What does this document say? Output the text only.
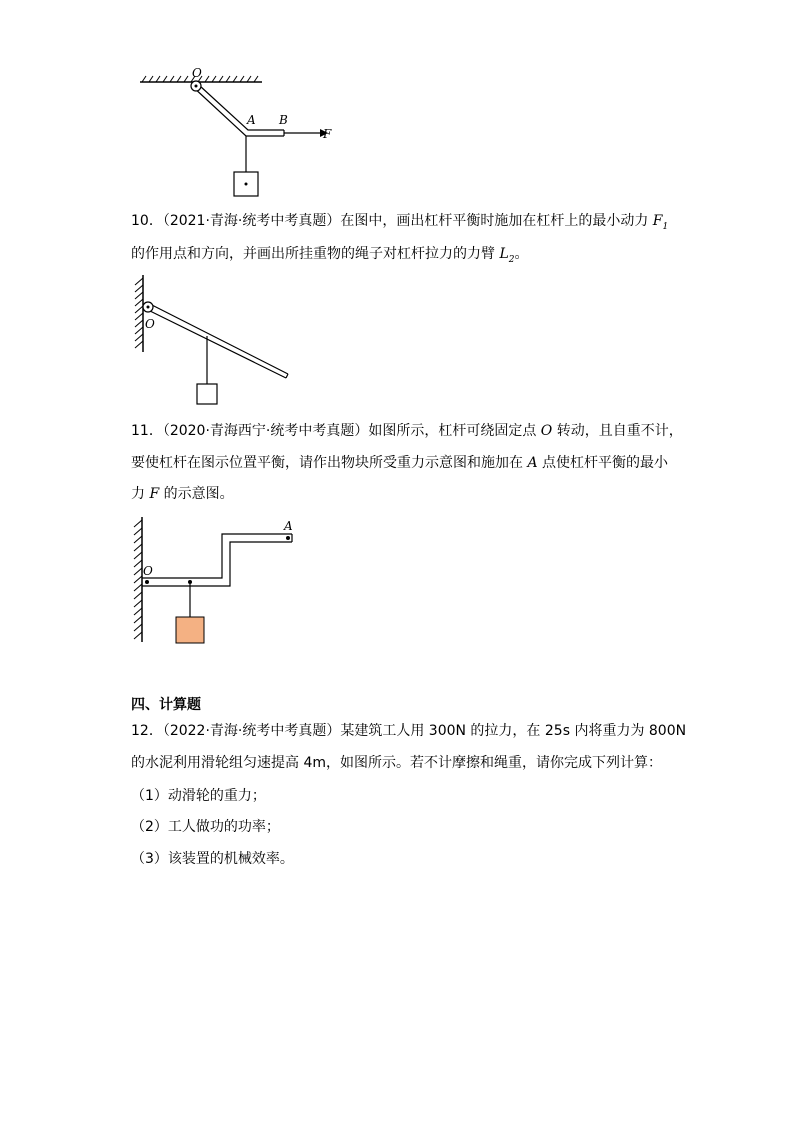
O
A B
F
10．（2021·青海·统考中考真题）在图中，画出杠杆平衡时施加在杠杆上的最小动力 $F_1$
的作用点和方向，并画出所挂重物的绳子对杠杆拉力的力臂 $L_2$。
O
11．（2020·青海西宁·统考中考真题）如图所示，杠杆可绕固定点 O 转动，且自重不计，
要使杠杆在图示位置平衡，请作出物块所受重力示意图和施加在 A 点使杠杆平衡的最小
力 F 的示意图。
O
A
四、计算题
12．（2022·青海·统考中考真题）某建筑工人用 300N 的拉力，在 25s 内将重力为 800N
的水泥利用滑轮组匀速提高 4m，如图所示。若不计摩擦和绳重，请你完成下列计算：
（1）动滑轮的重力；
（2）工人做功的功率；
（3）该装置的机械效率。
